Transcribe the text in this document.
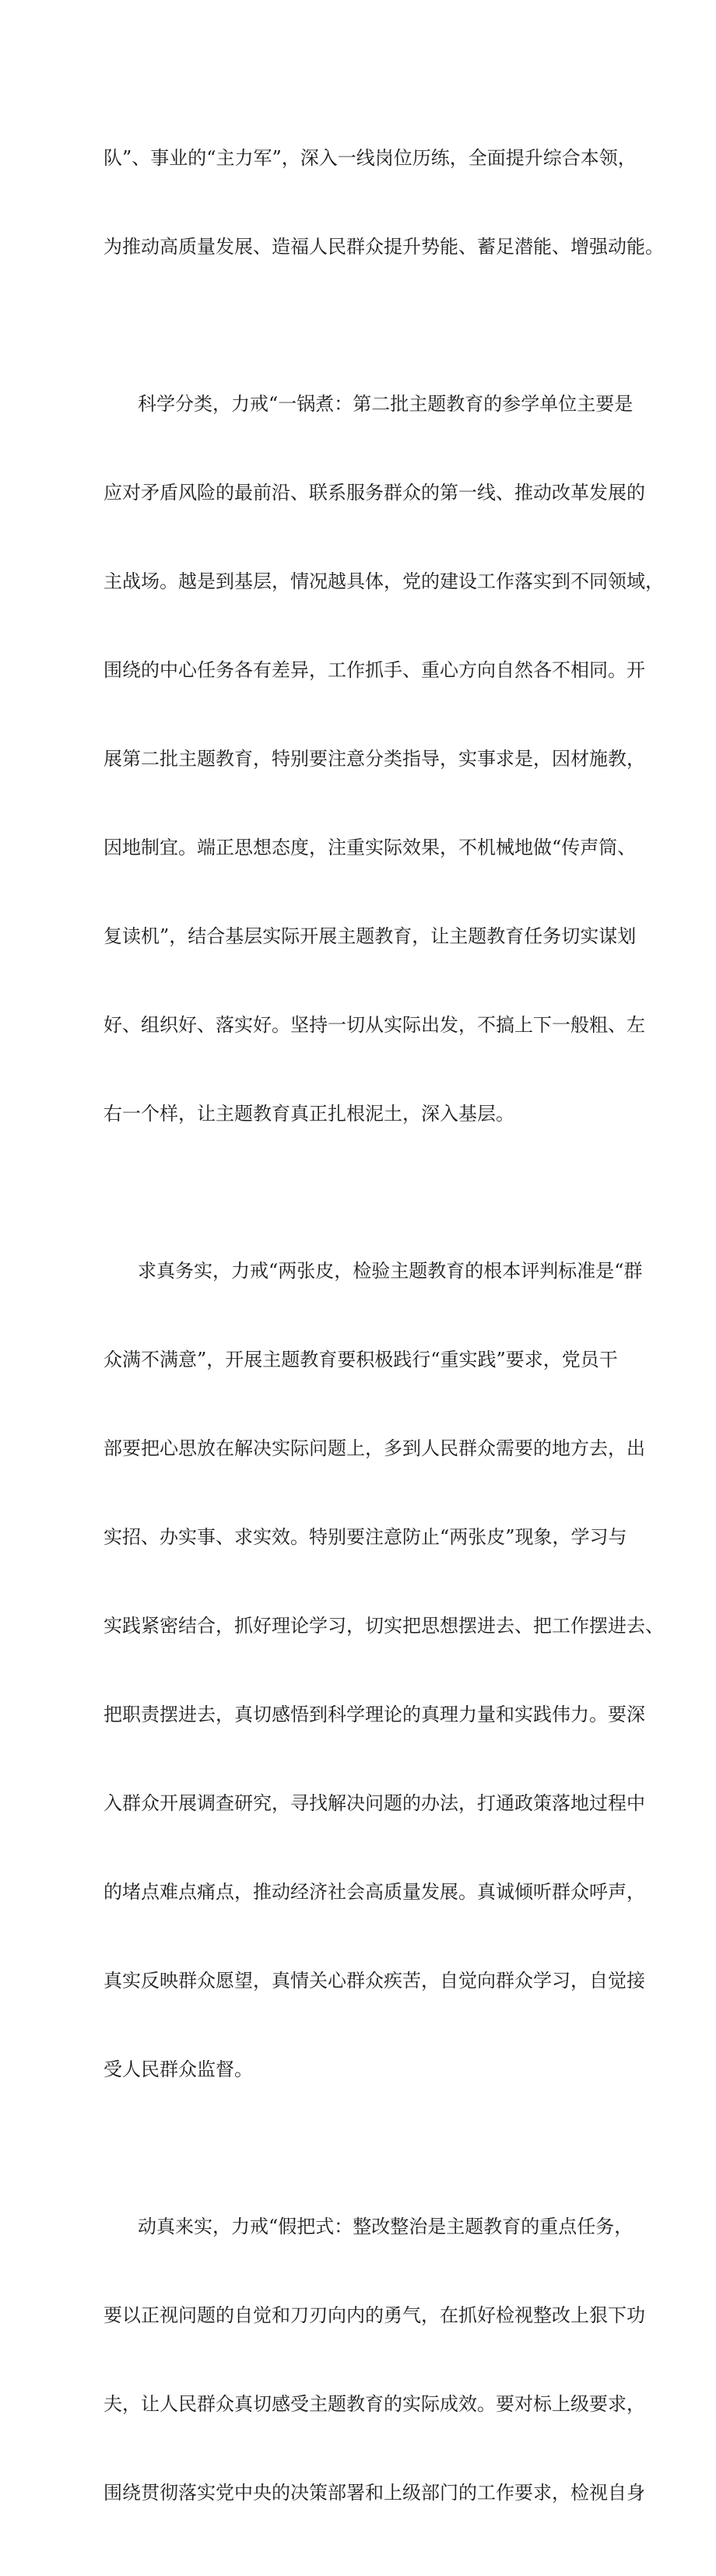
队”、事业的“主力军”，深入一线岗位历练，全面提升综合本领，

为推动高质量发展、造福人民群众提升势能、蓄足潜能、增强动能。

科学分类，力戒“一锅煮：第二批主题教育的参学单位主要是

应对矛盾风险的最前沿、联系服务群众的第一线、推动改革发展的

主战场。越是到基层，情况越具体，党的建设工作落实到不同领域，

围绕的中心任务各有差异，工作抓手、重心方向自然各不相同。开

展第二批主题教育，特别要注意分类指导，实事求是，因材施教，

因地制宜。端正思想态度，注重实际效果，不机械地做“传声筒、

复读机”，结合基层实际开展主题教育，让主题教育任务切实谋划

好、组织好、落实好。坚持一切从实际出发，不搞上下一般粗、左

右一个样，让主题教育真正扎根泥土，深入基层。

求真务实，力戒“两张皮，检验主题教育的根本评判标准是“群

众满不满意”，开展主题教育要积极践行“重实践”要求，党员干

部要把心思放在解决实际问题上，多到人民群众需要的地方去，出

实招、办实事、求实效。特别要注意防止“两张皮”现象，学习与

实践紧密结合，抓好理论学习，切实把思想摆进去、把工作摆进去、

把职责摆进去，真切感悟到科学理论的真理力量和实践伟力。要深

入群众开展调查研究，寻找解决问题的办法，打通政策落地过程中

的堵点难点痛点，推动经济社会高质量发展。真诚倾听群众呼声，

真实反映群众愿望，真情关心群众疾苦，自觉向群众学习，自觉接

受人民群众监督。

动真来实，力戒“假把式：整改整治是主题教育的重点任务，

要以正视问题的自觉和刀刃向内的勇气，在抓好检视整改上狠下功

夫，让人民群众真切感受主题教育的实际成效。要对标上级要求，

围绕贯彻落实党中央的决策部署和上级部门的工作要求，检视自身
